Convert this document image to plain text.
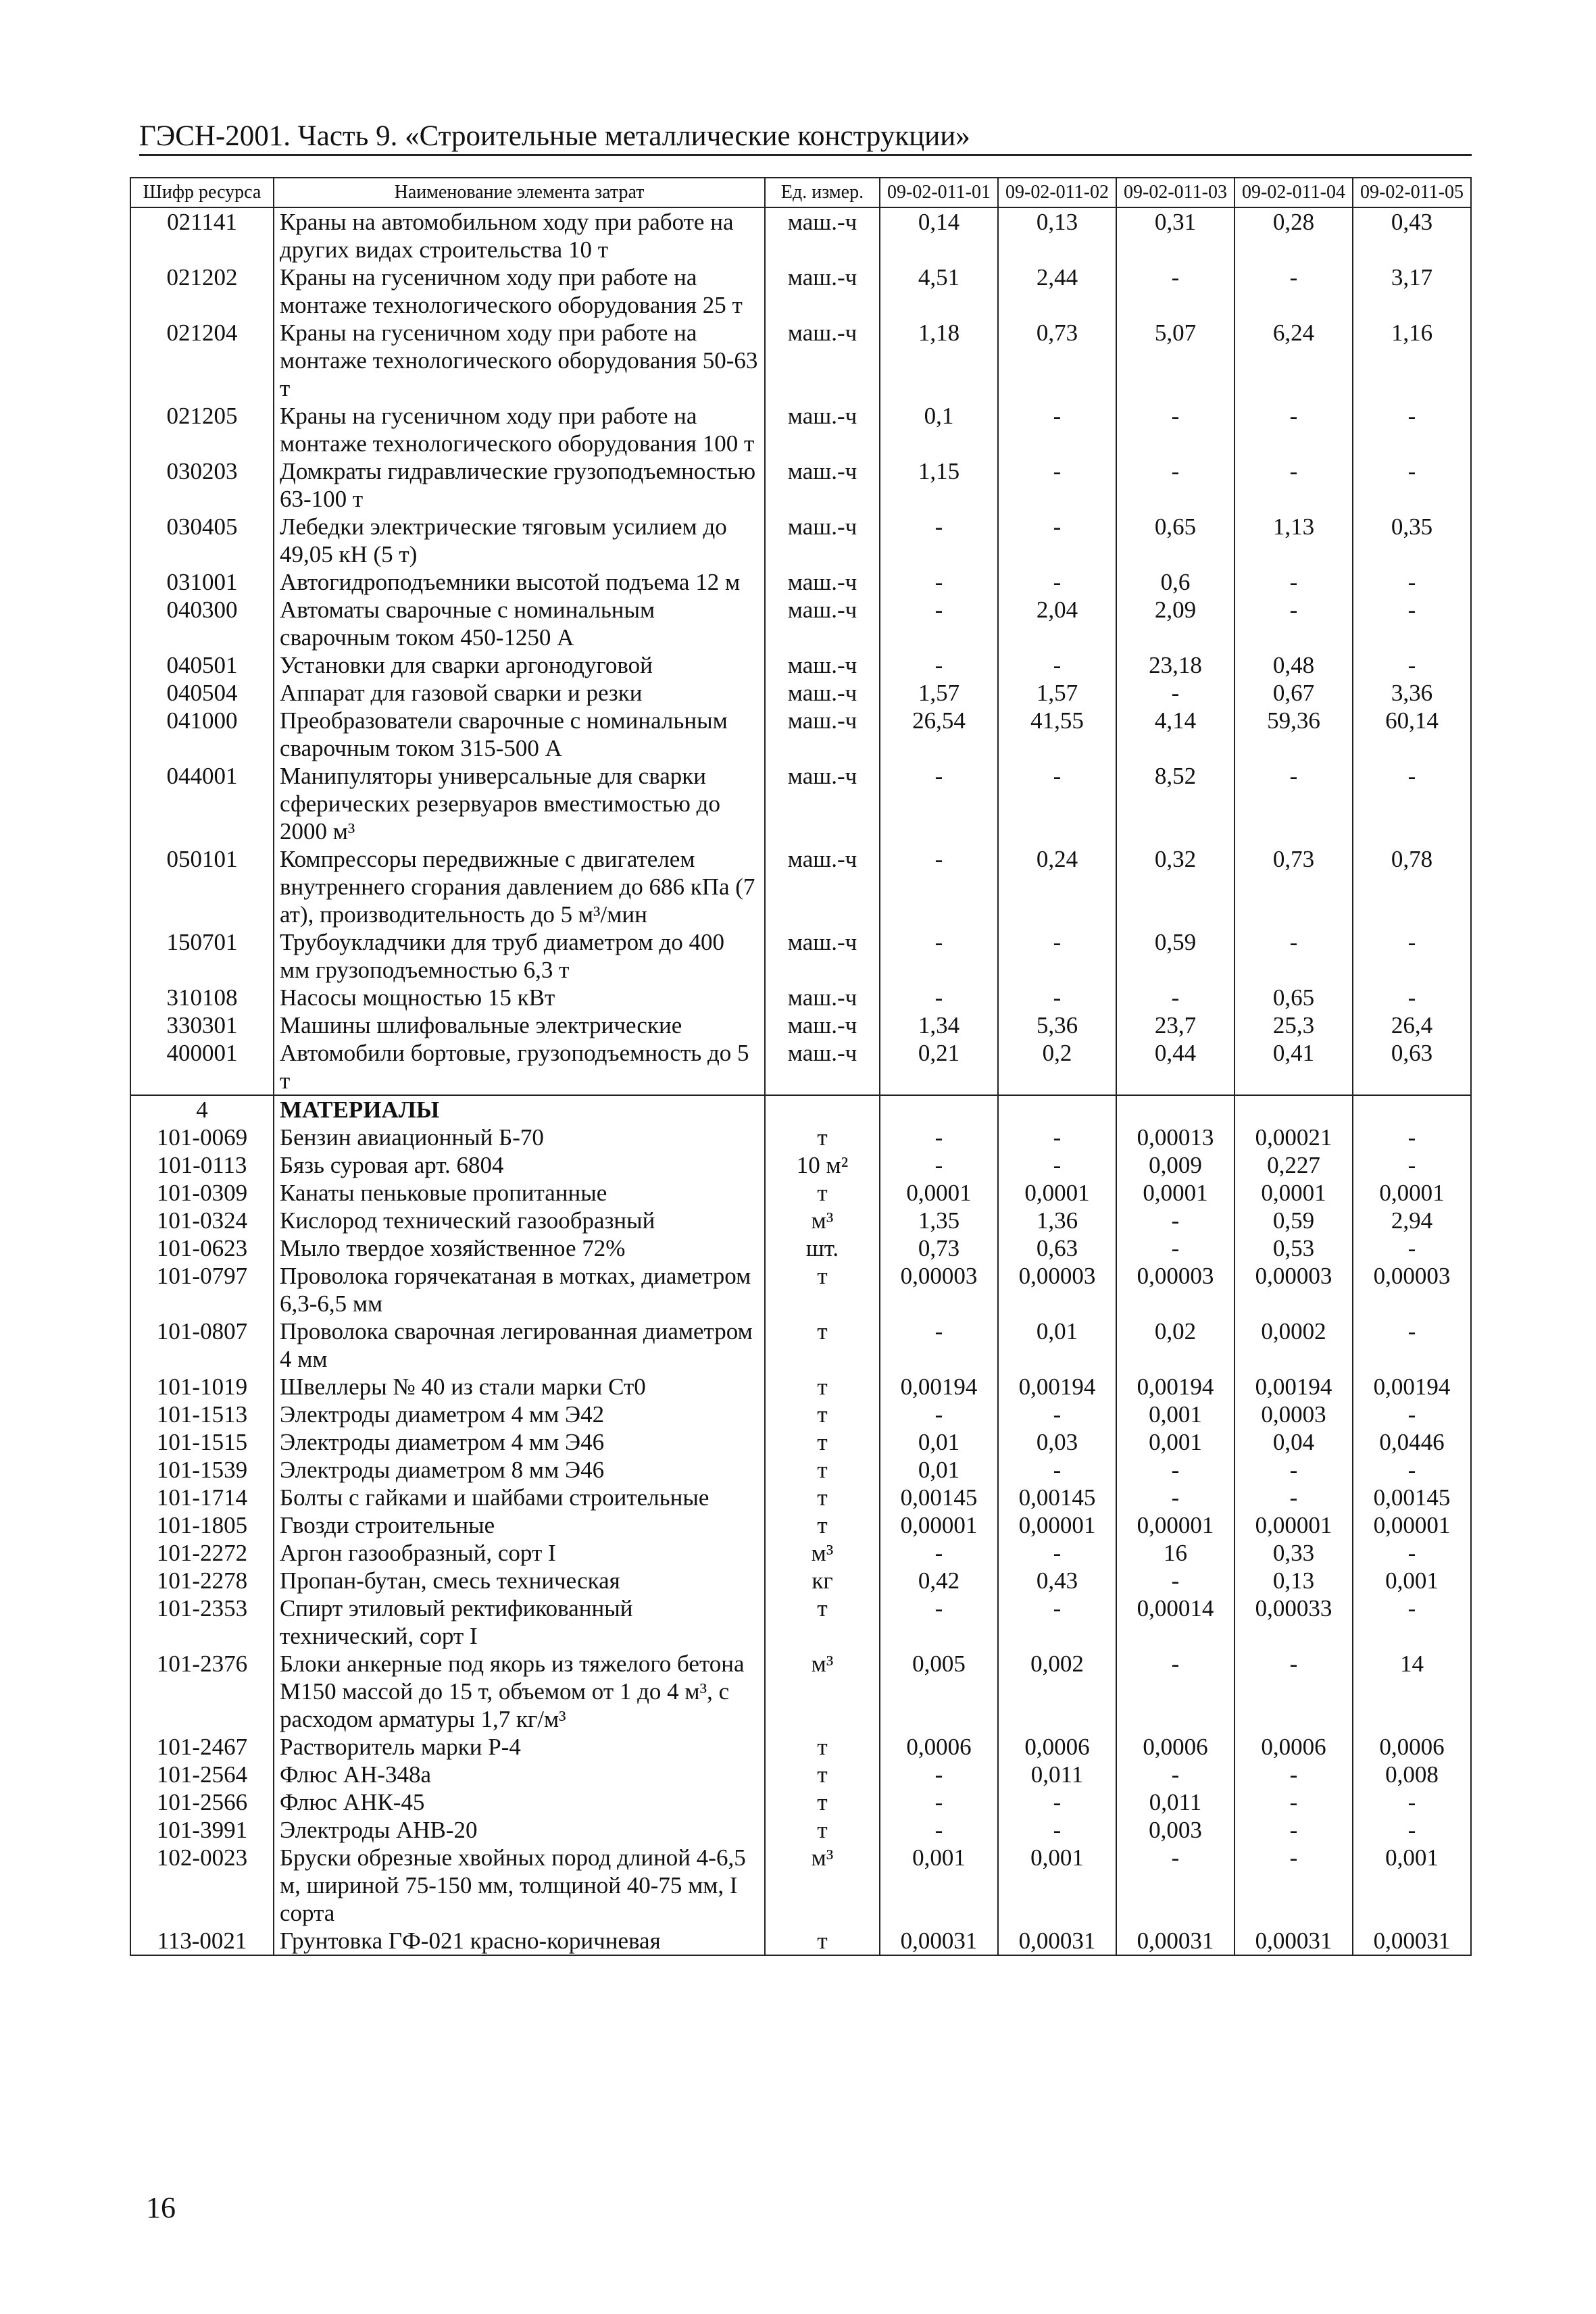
ГЭСН-2001. Часть 9. «Строительные металлические конструкции»
Шифр ресурса	Наименование элемента затрат	Ед. измер.	09-02-011-01	09-02-011-02	09-02-011-03	09-02-011-04	09-02-011-05
021141	Краны на автомобильном ходу при работе на других видах строительства 10 т	маш.-ч	0,14	0,13	0,31	0,28	0,43
021202	Краны на гусеничном ходу при работе на монтаже технологического оборудования 25 т	маш.-ч	4,51	2,44	-	-	3,17
021204	Краны на гусеничном ходу при работе на монтаже технологического оборудования 50-63 т	маш.-ч	1,18	0,73	5,07	6,24	1,16
021205	Краны на гусеничном ходу при работе на монтаже технологического оборудования 100 т	маш.-ч	0,1	-	-	-	-
030203	Домкраты гидравлические грузоподъемностью 63-100 т	маш.-ч	1,15	-	-	-	-
030405	Лебедки электрические тяговым усилием до 49,05 кН (5 т)	маш.-ч	-	-	0,65	1,13	0,35
031001	Автогидроподъемники высотой подъема 12 м	маш.-ч	-	-	0,6	-	-
040300	Автоматы сварочные с номинальным сварочным током 450-1250 А	маш.-ч	-	2,04	2,09	-	-
040501	Установки для сварки аргонодуговой	маш.-ч	-	-	23,18	0,48	-
040504	Аппарат для газовой сварки и резки	маш.-ч	1,57	1,57	-	0,67	3,36
041000	Преобразователи сварочные с номинальным сварочным током 315-500 А	маш.-ч	26,54	41,55	4,14	59,36	60,14
044001	Манипуляторы универсальные для сварки сферических резервуаров вместимостью до 2000 м³	маш.-ч	-	-	8,52	-	-
050101	Компрессоры передвижные с двигателем внутреннего сгорания давлением до 686 кПа (7 ат), производительность до 5 м³/мин	маш.-ч	-	0,24	0,32	0,73	0,78
150701	Трубоукладчики для труб диаметром до 400 мм грузоподъемностью 6,3 т	маш.-ч	-	-	0,59	-	-
310108	Насосы мощностью 15 кВт	маш.-ч	-	-	-	0,65	-
330301	Машины шлифовальные электрические	маш.-ч	1,34	5,36	23,7	25,3	26,4
400001	Автомобили бортовые, грузоподъемность до 5 т	маш.-ч	0,21	0,2	0,44	0,41	0,63
4	МАТЕРИАЛЫ						
101-0069	Бензин авиационный Б-70	т	-	-	0,00013	0,00021	-
101-0113	Бязь суровая арт. 6804	10 м²	-	-	0,009	0,227	-
101-0309	Канаты пеньковые пропитанные	т	0,0001	0,0001	0,0001	0,0001	0,0001
101-0324	Кислород технический газообразный	м³	1,35	1,36	-	0,59	2,94
101-0623	Мыло твердое хозяйственное 72%	шт.	0,73	0,63	-	0,53	-
101-0797	Проволока горячекатаная в мотках, диаметром 6,3-6,5 мм	т	0,00003	0,00003	0,00003	0,00003	0,00003
101-0807	Проволока сварочная легированная диаметром 4 мм	т	-	0,01	0,02	0,0002	-
101-1019	Швеллеры № 40 из стали марки Ст0	т	0,00194	0,00194	0,00194	0,00194	0,00194
101-1513	Электроды диаметром 4 мм Э42	т	-	-	0,001	0,0003	-
101-1515	Электроды диаметром 4 мм Э46	т	0,01	0,03	0,001	0,04	0,0446
101-1539	Электроды диаметром 8 мм Э46	т	0,01	-	-	-	-
101-1714	Болты с гайками и шайбами строительные	т	0,00145	0,00145	-	-	0,00145
101-1805	Гвозди строительные	т	0,00001	0,00001	0,00001	0,00001	0,00001
101-2272	Аргон газообразный, сорт I	м³	-	-	16	0,33	-
101-2278	Пропан-бутан, смесь техническая	кг	0,42	0,43	-	0,13	0,001
101-2353	Спирт этиловый ректификованный технический, сорт I	т	-	-	0,00014	0,00033	-
101-2376	Блоки анкерные под якорь из тяжелого бетона М150 массой до 15 т, объемом от 1 до 4 м³, с расходом арматуры 1,7 кг/м³	м³	0,005	0,002	-	-	14
101-2467	Растворитель марки Р-4	т	0,0006	0,0006	0,0006	0,0006	0,0006
101-2564	Флюс АН-348а	т	-	0,011	-	-	0,008
101-2566	Флюс АНК-45	т	-	-	0,011	-	-
101-3991	Электроды АНВ-20	т	-	-	0,003	-	-
102-0023	Бруски обрезные хвойных пород длиной 4-6,5 м, шириной 75-150 мм, толщиной 40-75 мм, I сорта	м³	0,001	0,001	-	-	0,001
113-0021	Грунтовка ГФ-021 красно-коричневая	т	0,00031	0,00031	0,00031	0,00031	0,00031
16
